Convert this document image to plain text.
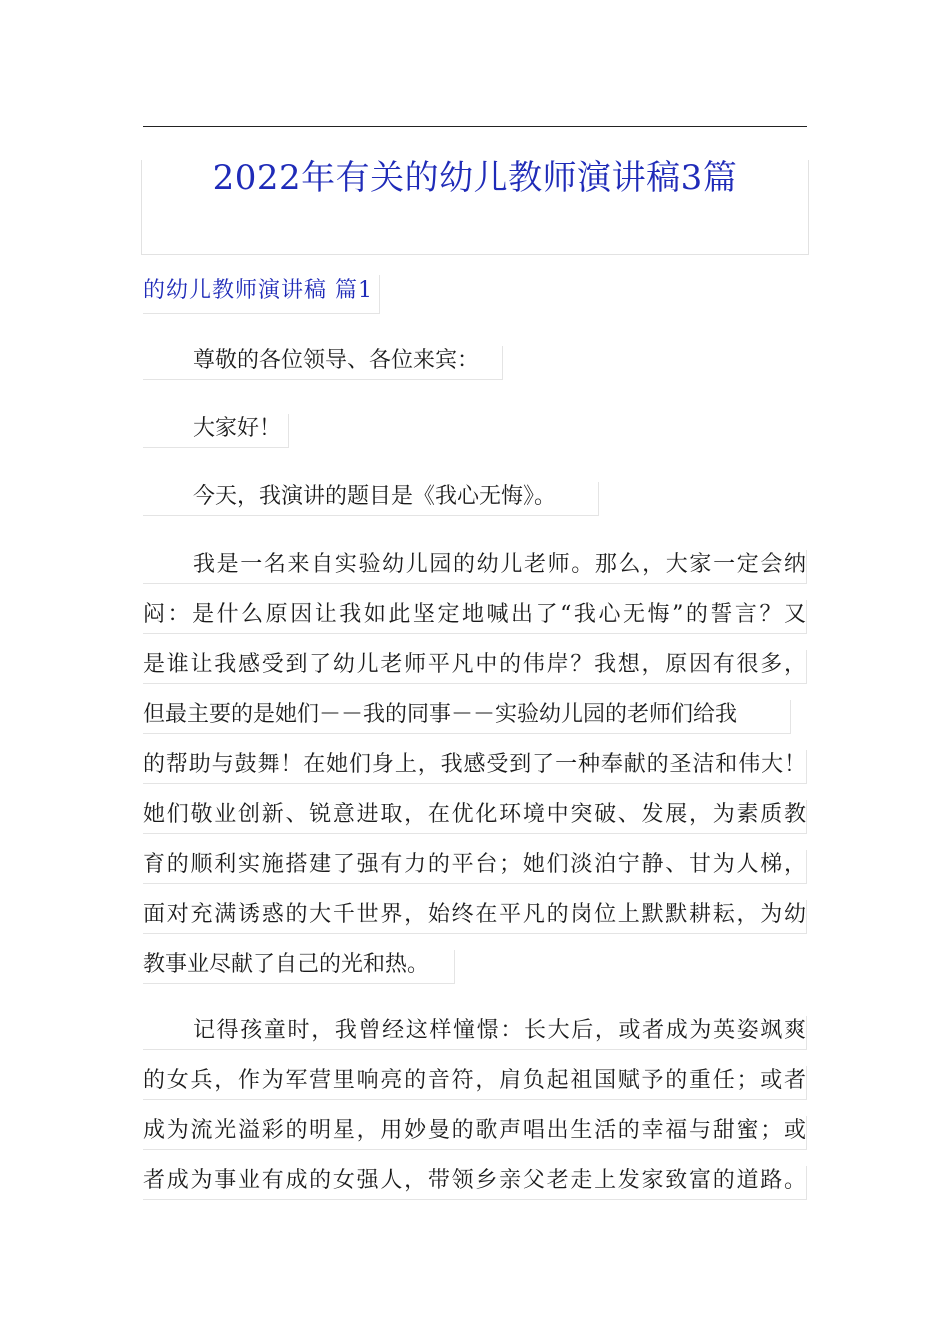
2022年有关的幼儿教师演讲稿3篇
的幼儿教师演讲稿 篇1
尊敬的各位领导、各位来宾：
大家好！
今天，我演讲的题目是《我心无悔》。
我是一名来自实验幼儿园的幼儿老师。那么，大家一定会纳
闷：是什么原因让我如此坚定地喊出了“我心无悔”的誓言？又
是谁让我感受到了幼儿老师平凡中的伟岸？我想，原因有很多，
但最主要的是她们－－我的同事－－实验幼儿园的老师们给我
的帮助与鼓舞！在她们身上，我感受到了一种奉献的圣洁和伟大！
她们敬业创新、锐意进取，在优化环境中突破、发展，为素质教
育的顺利实施搭建了强有力的平台；她们淡泊宁静、甘为人梯，
面对充满诱惑的大千世界，始终在平凡的岗位上默默耕耘，为幼
教事业尽献了自己的光和热。
记得孩童时，我曾经这样憧憬：长大后，或者成为英姿飒爽
的女兵，作为军营里响亮的音符，肩负起祖国赋予的重任；或者
成为流光溢彩的明星，用妙曼的歌声唱出生活的幸福与甜蜜；或
者成为事业有成的女强人，带领乡亲父老走上发家致富的道路。
